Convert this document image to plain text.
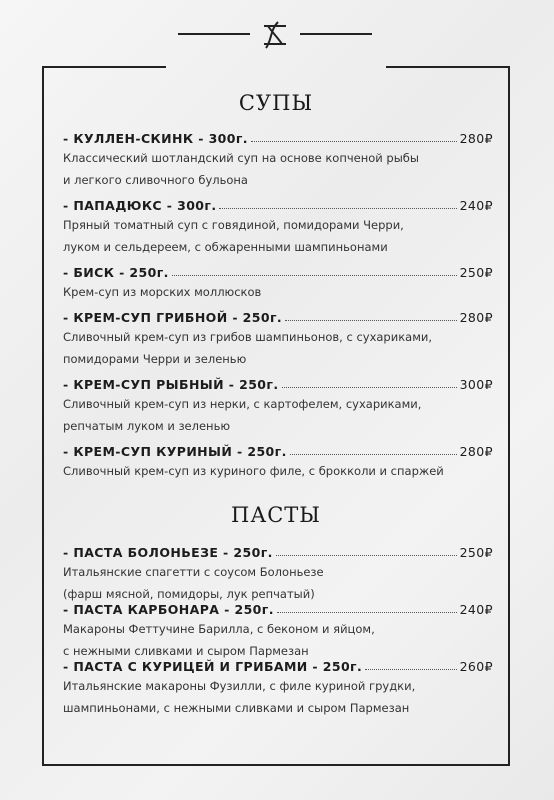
СУПЫ
- КУЛЛЕН-СКИНК - 300г.	280₽
Классический шотландский суп на основе копченой рыбы
и легкого сливочного бульона
- ПАПАДЮКС - 300г.	240₽
Пряный томатный суп с говядиной, помидорами Черри,
луком и сельдереем, с обжаренными шампиньонами
- БИСК - 250г.	250₽
Крем-суп из морских моллюсков
- КРЕМ-СУП ГРИБНОЙ - 250г.	280₽
Сливочный крем-суп из грибов шампиньонов, с сухариками,
помидорами Черри и зеленью
- КРЕМ-СУП РЫБНЫЙ - 250г.	300₽
Сливочный крем-суп из нерки, с картофелем, сухариками,
репчатым луком и зеленью
- КРЕМ-СУП КУРИНЫЙ - 250г.	280₽
Сливочный крем-суп из куриного филе, с брокколи и спаржей
ПАСТЫ
- ПАСТА БОЛОНЬЕЗЕ - 250г.	250₽
Итальянские спагетти с соусом Болоньезе
(фарш мясной, помидоры, лук репчатый)
- ПАСТА КАРБОНАРА - 250г.	240₽
Макароны Феттучине Барилла, с беконом и яйцом,
с нежными сливками и сыром Пармезан
- ПАСТА С КУРИЦЕЙ И ГРИБАМИ - 250г.	260₽
Итальянские макароны Фузилли, с филе куриной грудки,
шампиньонами, с нежными сливками и сыром Пармезан
